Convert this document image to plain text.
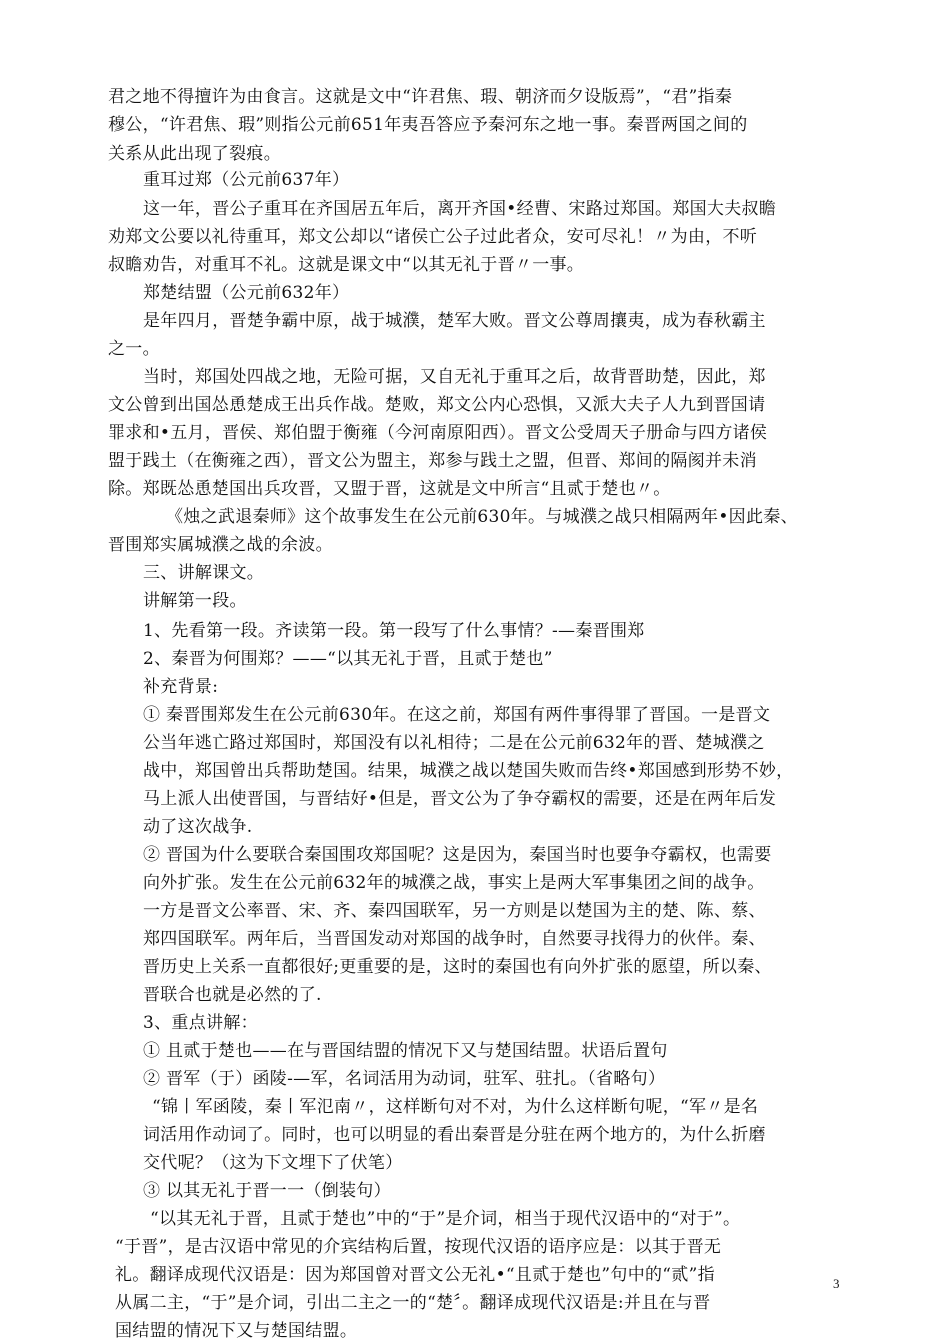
君之地不得擅许为由食言。这就是文中“许君焦、瑕、朝济而夕设版焉”，“君”指秦
穆公，“许君焦、瑕”则指公元前651年夷吾答应予秦河东之地一事。秦晋两国之间的
关系从此出现了裂痕。
重耳过郑（公元前637年）
这一年，晋公子重耳在齐国居五年后，离开齐国•经曹、宋路过郑国。郑国大夫叔瞻
劝郑文公要以礼待重耳，郑文公却以“诸侯亡公子过此者众，安可尽礼！〃为由，不听
叔瞻劝告，对重耳不礼。这就是课文中“以其无礼于晋〃一事。
郑楚结盟（公元前632年）
是年四月，晋楚争霸中原，战于城濮，楚军大败。晋文公尊周攘夷，成为春秋霸主
之一。
当时，郑国处四战之地，无险可据，又自无礼于重耳之后，故背晋助楚，因此，郑
文公曾到出国怂恿楚成王出兵作战。楚败，郑文公内心恐惧，又派大夫子人九到晋国请
罪求和•五月，晋侯、郑伯盟于衡雍（今河南原阳西）。晋文公受周天子册命与四方诸侯
盟于践土（在衡雍之西），晋文公为盟主，郑参与践土之盟，但晋、郑间的隔阂并未消
除。郑既怂恿楚国出兵攻晋，又盟于晋，这就是文中所言“且贰于楚也〃。
《烛之武退秦师》这个故事发生在公元前630年。与城濮之战只相隔两年•因此秦、
晋围郑实属城濮之战的余波。
三、讲解课文。
讲解第一段。
1、先看第一段。齐读第一段。第一段写了什么事情？-—秦晋围郑
2、秦晋为何围郑？——“以其无礼于晋，且贰于楚也”
补充背景:
① 秦晋围郑发生在公元前630年。在这之前，郑国有两件事得罪了晋国。一是晋文
公当年逃亡路过郑国时，郑国没有以礼相待；二是在公元前632年的晋、楚城濮之
战中，郑国曾出兵帮助楚国。结果，城濮之战以楚国失败而告终•郑国感到形势不妙，
马上派人出使晋国，与晋结好•但是，晋文公为了争夺霸权的需要，还是在两年后发
动了这次战争.
② 晋国为什么要联合秦国围攻郑国呢？这是因为，秦国当时也要争夺霸权，也需要
向外扩张。发生在公元前632年的城濮之战，事实上是两大军事集团之间的战争。
一方是晋文公率晋、宋、齐、秦四国联军，另一方则是以楚国为主的楚、陈、蔡、
郑四国联军。两年后，当晋国发动对郑国的战争时，自然要寻找得力的伙伴。秦、
晋历史上关系一直都很好;更重要的是，这时的秦国也有向外扩张的愿望，所以秦、
晋联合也就是必然的了.
3、重点讲解：
① 且贰于楚也——在与晋国结盟的情况下又与楚国结盟。状语后置句
② 晋军（于）函陵-—军，名词活用为动词，驻军、驻扎。（省略句）
“锦丨军函陵，秦丨军氾南〃，这样断句对不对，为什么这样断句呢，“军〃是名
词活用作动词了。同时，也可以明显的看出秦晋是分驻在两个地方的，为什么折磨
交代呢？（这为下文埋下了伏笔）
③ 以其无礼于晋一一（倒装句）
“以其无礼于晋，且贰于楚也”中的“于”是介词，相当于现代汉语中的“对于”。
“于晋”，是古汉语中常见的介宾结构后置，按现代汉语的语序应是：以其于晋无
礼。翻译成现代汉语是：因为郑国曾对晋文公无礼•“且贰于楚也”句中的“贰”指
从属二主，“于”是介词，引出二主之一的“楚〞。翻译成现代汉语是:并且在与晋
国结盟的情况下又与楚国结盟。
3
